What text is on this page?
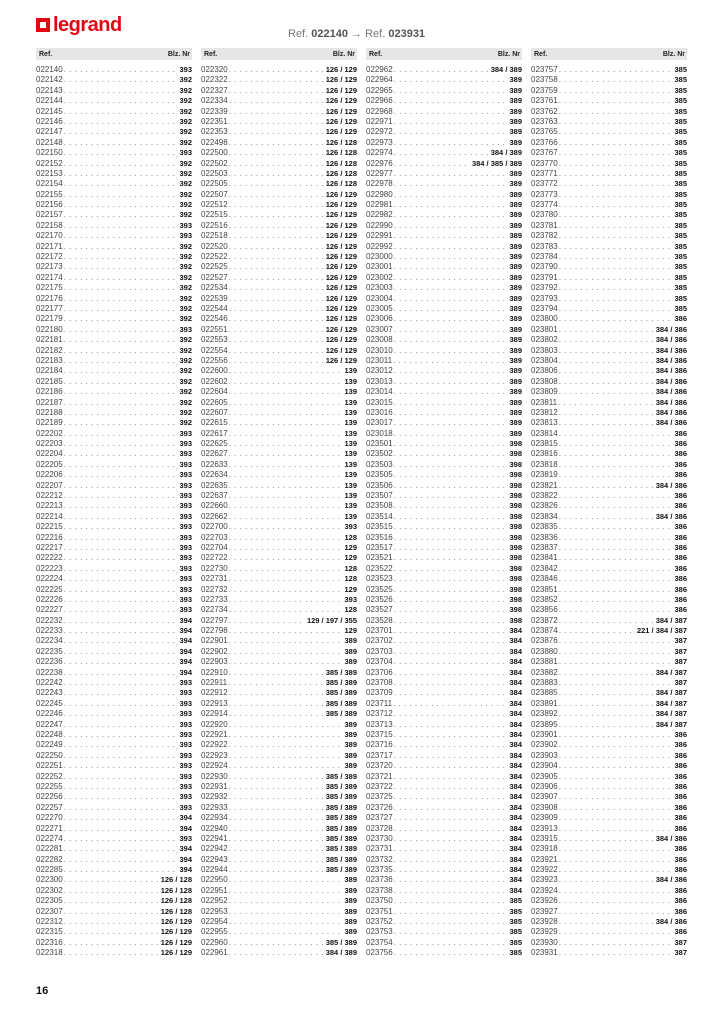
legrand	Ref. 022140 → Ref. 023931
Ref.	Blz. Nr
022140 . . .	393
022142 . . .	392
022143 . . .	392
022144 . . .	392
022145 . . .	392
022146 . . .	392
022147 . . .	392
022148 . . .	392
022150 . . .	393
022152 . . .	392
022153 . . .	392
022154 . . .	392
022155 . . .	392
022156 . . .	392
022157 . . .	392
022158 . . .	393
022170 . . .	393
022171 . . .	392
022172 . . .	392
022173 . . .	392
022174 . . .	392
022175 . . .	392
022176 . . .	392
022177 . . .	392
022179 . . .	392
022180 . . .	393
022181 . . .	392
022182 . . .	392
022183 . . .	392
022184 . . .	392
022185 . . .	392
022186 . . .	392
022187 . . .	392
022188 . . .	392
022189 . . .	392
022202 . . .	393
022203 . . .	393
022204 . . .	393
022205 . . .	393
022206 . . .	393
022207 . . .	393
022212 . . .	393
022213 . . .	393
022214 . . .	393
022215 . . .	393
022216 . . .	393
022217 . . .	393
022222 . . .	393
022223 . . .	393
022224 . . .	393
022225 . . .	393
022226 . . .	393
022227 . . .	393
022232 . . .	394
022233 . . .	394
022234 . . .	394
022235 . . .	394
022236 . . .	394
022238 . . .	394
022242 . . .	393
022243 . . .	393
022245 . . .	393
022246 . . .	393
022247 . . .	393
022248 . . .	393
022249 . . .	393
022250 . . .	393
022251 . . .	393
022252 . . .	393
022255 . . .	393
022256 . . .	393
022257 . . .	393
022270 . . .	394
022271 . . .	394
022274 . . .	393
022281 . . .	394
022282 . . .	394
022285 . . .	394
022300 . . .	126 / 128
022302 . . .	126 / 128
022305 . . .	126 / 128
022307 . . .	126 / 128
022312 . . .	126 / 129
022315 . . .	126 / 129
022316 . . .	126 / 129
022318 . . .	126 / 129
Ref.	Blz. Nr
022320 . . .	126 / 129
022322 . . .	126 / 129
022327 . . .	126 / 129
022334 . . .	126 / 129
022339 . . .	126 / 129
022351 . . .	126 / 129
022353 . . .	126 / 129
022498 . . .	126 / 128
022500 . . .	126 / 128
022502 . . .	126 / 128
022503 . . .	126 / 128
022505 . . .	126 / 128
022507 . . .	126 / 129
022512 . . .	126 / 129
022515 . . .	126 / 129
022516 . . .	126 / 129
022518 . . .	126 / 129
022520 . . .	126 / 129
022522 . . .	126 / 129
022525 . . .	126 / 129
022527 . . .	126 / 129
022534 . . .	126 / 129
022539 . . .	126 / 129
022544 . . .	126 / 129
022546 . . .	126 / 129
022551 . . .	126 / 129
022553 . . .	126 / 129
022554 . . .	126 / 129
022556 . . .	126 / 129
022600 . . .	139
022602 . . .	139
022604 . . .	139
022605 . . .	139
022607 . . .	139
022615 . . .	139
022617 . . .	139
022625 . . .	139
022627 . . .	139
022633 . . .	139
022634 . . .	139
022635 . . .	139
022637 . . .	139
022660 . . .	139
022662 . . .	139
022700 . . .	393
022703 . . .	128
022704 . . .	129
022722 . . .	129
022730 . . .	128
022731 . . .	128
022732 . . .	129
022733 . . .	393
022734 . . .	128
022797 . . .	129 / 197 / 355
022798 . . .	129
022901 . . .	389
022902 . . .	389
022903 . . .	389
022910 . . .	385 / 389
022911 . . .	385 / 389
022912 . . .	385 / 389
022913 . . .	385 / 389
022914 . . .	385 / 389
022920 . . .	389
022921 . . .	389
022922 . . .	389
022923 . . .	389
022924 . . .	389
022930 . . .	385 / 389
022931 . . .	385 / 389
022932 . . .	385 / 389
022933 . . .	385 / 389
022934 . . .	385 / 389
022940 . . .	385 / 389
022941 . . .	385 / 389
022942 . . .	385 / 389
022943 . . .	385 / 389
022944 . . .	385 / 389
022950 . . .	389
022951 . . .	389
022952 . . .	389
022953 . . .	389
022954 . . .	389
022955 . . .	389
022960 . . .	385 / 389
022961 . . .	384 / 389
Ref.	Blz. Nr
022962 . . .	384 / 389
022964 . . .	389
022965 . . .	389
022966 . . .	389
022968 . . .	389
022971 . . .	389
022972 . . .	389
022973 . . .	389
022974 . . .	384 / 389
022976 . . .	384 / 385 / 389
022977 . . .	389
022978 . . .	389
022980 . . .	389
022981 . . .	389
022982 . . .	389
022990 . . .	389
022991 . . .	389
022992 . . .	389
023000 . . .	389
023001 . . .	389
023002 . . .	389
023003 . . .	389
023004 . . .	389
023005 . . .	389
023006 . . .	389
023007 . . .	389
023008 . . .	389
023010 . . .	389
023011 . . .	389
023012 . . .	389
023013 . . .	389
023014 . . .	389
023015 . . .	389
023016 . . .	389
023017 . . .	389
023018 . . .	389
023501 . . .	398
023502 . . .	398
023503 . . .	398
023505 . . .	398
023506 . . .	398
023507 . . .	398
023508 . . .	398
023514 . . .	398
023515 . . .	398
023516 . . .	398
023517 . . .	398
023521 . . .	398
023522 . . .	398
023523 . . .	398
023525 . . .	398
023526 . . .	398
023527 . . .	398
023528 . . .	398
023701 . . .	384
023702 . . .	384
023703 . . .	384
023704 . . .	384
023706 . . .	384
023708 . . .	384
023709 . . .	384
023711 . . .	384
023712 . . .	384
023713 . . .	384
023715 . . .	384
023716 . . .	384
023717 . . .	384
023720 . . .	384
023721 . . .	384
023722 . . .	384
023725 . . .	384
023726 . . .	384
023727 . . .	384
023728 . . .	384
023730 . . .	384
023731 . . .	384
023732 . . .	384
023735 . . .	384
023736 . . .	384
023738 . . .	384
023750 . . .	385
023751 . . .	385
023752 . . .	385
023753 . . .	385
023754 . . .	385
023756 . . .	385
Ref.	Blz. Nr
023757 . . .	385
023758 . . .	385
023759 . . .	385
023761 . . .	385
023762 . . .	385
023763 . . .	385
023765 . . .	385
023766 . . .	385
023767 . . .	385
023770 . . .	385
023771 . . .	385
023772 . . .	385
023773 . . .	385
023774 . . .	385
023780 . . .	385
023781 . . .	385
023782 . . .	385
023783 . . .	385
023784 . . .	385
023790 . . .	385
023791 . . .	385
023792 . . .	385
023793 . . .	385
023794 . . .	385
023800 . . .	386
023801 . . .	384 / 386
023802 . . .	384 / 386
023803 . . .	384 / 386
023804 . . .	384 / 386
023806 . . .	384 / 386
023808 . . .	384 / 386
023809 . . .	384 / 386
023811 . . .	384 / 386
023812 . . .	384 / 386
023813 . . .	384 / 386
023814 . . .	386
023815 . . .	386
023816 . . .	386
023818 . . .	386
023819 . . .	386
023821 . . .	384 / 386
023822 . . .	386
023826 . . .	386
023834 . . .	384 / 386
023835 . . .	386
023836 . . .	386
023837 . . .	386
023841 . . .	386
023842 . . .	386
023846 . . .	386
023851 . . .	386
023852 . . .	386
023856 . . .	386
023872 . . .	384 / 387
023874 . . .	221 / 384 / 387
023876 . . .	387
023880 . . .	387
023881 . . .	387
023882 . . .	384 / 387
023883 . . .	387
023885 . . .	384 / 387
023891 . . .	384 / 387
023892 . . .	384 / 387
023895 . . .	384 / 387
023901 . . .	386
023902 . . .	386
023903 . . .	386
023904 . . .	386
023905 . . .	386
023906 . . .	386
023907 . . .	386
023908 . . .	386
023909 . . .	386
023913 . . .	386
023915 . . .	384 / 386
023918 . . .	386
023921 . . .	386
023922 . . .	386
023923 . . .	384 / 386
023924 . . .	386
023926 . . .	386
023927 . . .	386
023928 . . .	384 / 386
023929 . . .	386
023930 . . .	387
023931 . . .	387
16
